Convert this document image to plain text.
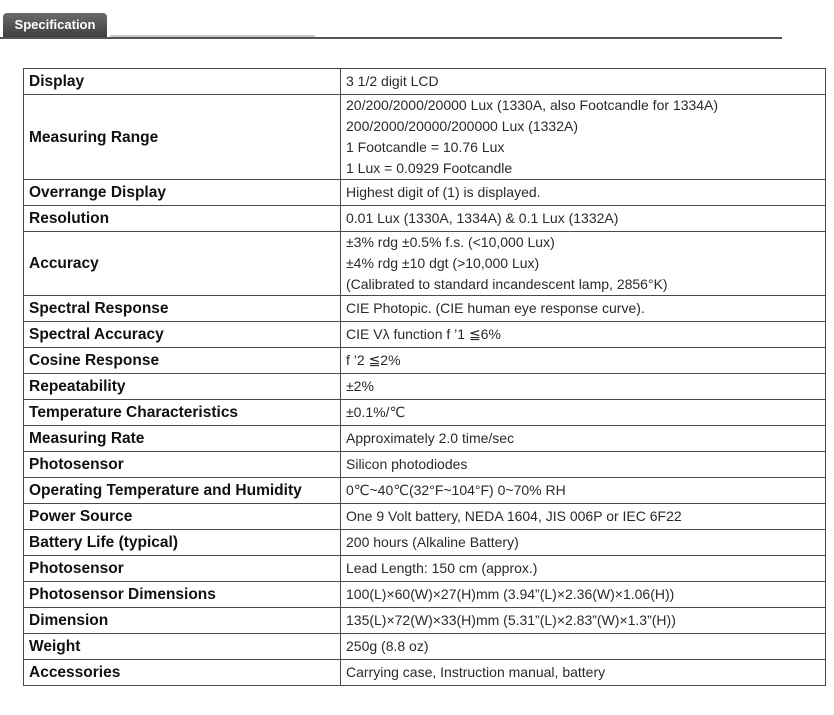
Specification
Display	3 1/2 digit LCD

Measuring Range	20/200/2000/20000 Lux (1330A, also Footcandle for 1334A)
200/2000/20000/200000 Lux (1332A)
1 Footcandle = 10.76 Lux
1 Lux = 0.0929 Footcandle

Overrange Display	Highest digit of (1) is displayed.

Resolution	0.01 Lux (1330A, 1334A) & 0.1 Lux (1332A)

Accuracy	±3% rdg ±0.5% f.s. (<10,000 Lux)
±4% rdg ±10 dgt (>10,000 Lux)
(Calibrated to standard incandescent lamp, 2856°K)

Spectral Response	CIE Photopic. (CIE human eye response curve).

Spectral Accuracy	CIE Vλ function f ’1 ≦6%

Cosine Response	f ’2 ≦2%

Repeatability	±2%

Temperature Characteristics	±0.1%/℃

Measuring Rate	Approximately 2.0 time/sec

Photosensor	Silicon photodiodes

Operating Temperature and Humidity	0℃~40℃(32°F~104°F) 0~70% RH

Power Source	One 9 Volt battery, NEDA 1604, JIS 006P or IEC 6F22

Battery Life (typical)	200 hours (Alkaline Battery)

Photosensor	Lead Length: 150 cm (approx.)

Photosensor Dimensions	100(L)×60(W)×27(H)mm (3.94”(L)×2.36(W)×1.06(H))

Dimension	135(L)×72(W)×33(H)mm (5.31”(L)×2.83”(W)×1.3”(H))

Weight	250g (8.8 oz)

Accessories	Carrying case, Instruction manual, battery
